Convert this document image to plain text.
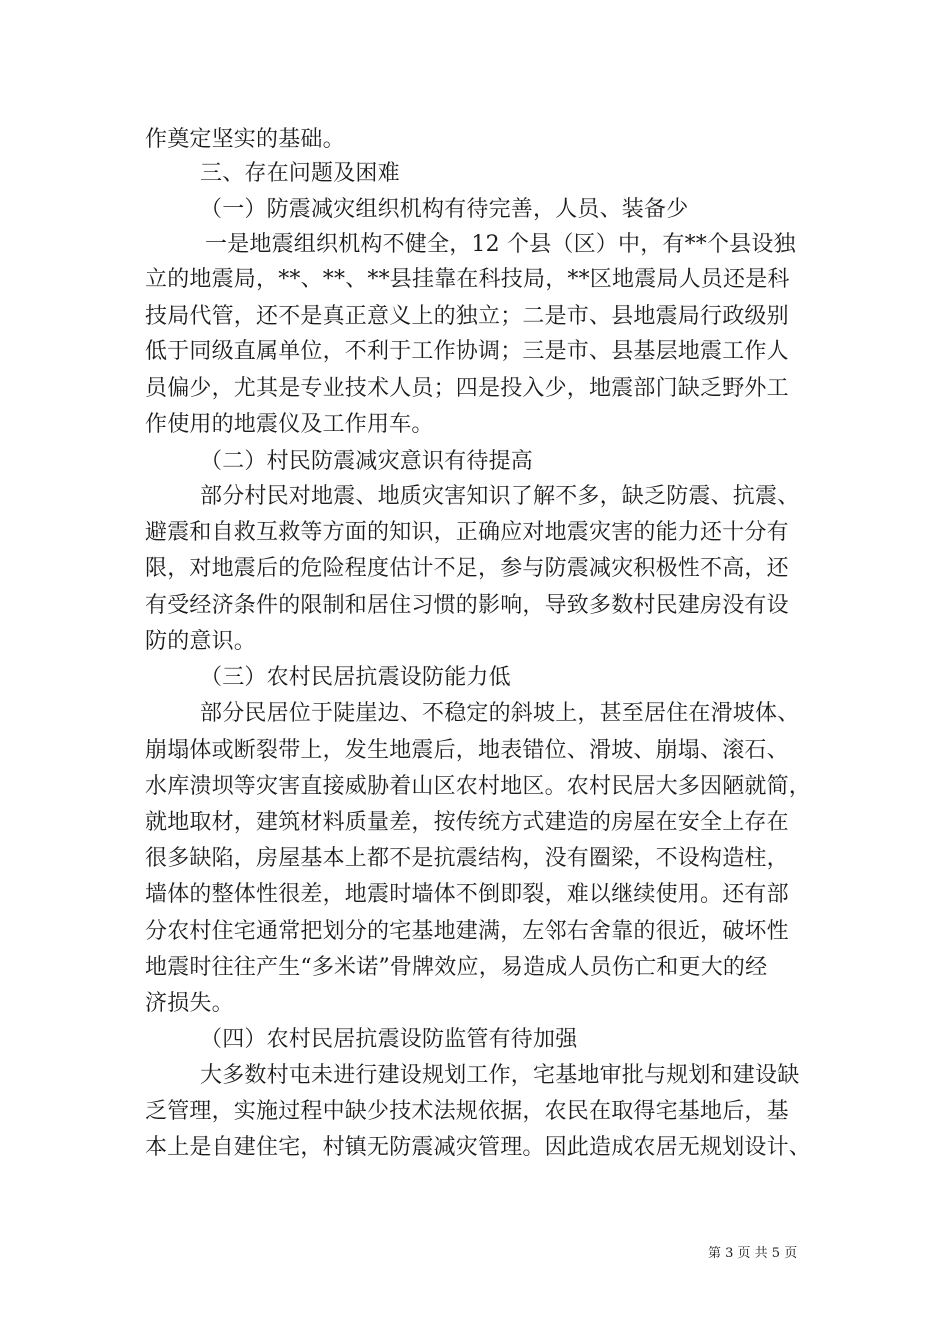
作奠定坚实的基础。
三、存在问题及困难
（一）防震减灾组织机构有待完善，人员、装备少
一是地震组织机构不健全，12 个县（区）中，有**个县设独
立的地震局，**、**、**县挂靠在科技局，**区地震局人员还是科
技局代管，还不是真正意义上的独立；二是市、县地震局行政级别
低于同级直属单位，不利于工作协调；三是市、县基层地震工作人
员偏少，尤其是专业技术人员；四是投入少，地震部门缺乏野外工
作使用的地震仪及工作用车。
（二）村民防震减灾意识有待提高
部分村民对地震、地质灾害知识了解不多，缺乏防震、抗震、
避震和自救互救等方面的知识，正确应对地震灾害的能力还十分有
限，对地震后的危险程度估计不足，参与防震减灾积极性不高，还
有受经济条件的限制和居住习惯的影响，导致多数村民建房没有设
防的意识。
（三）农村民居抗震设防能力低
部分民居位于陡崖边、不稳定的斜坡上，甚至居住在滑坡体、
崩塌体或断裂带上，发生地震后，地表错位、滑坡、崩塌、滚石、
水库溃坝等灾害直接威胁着山区农村地区。农村民居大多因陋就简，
就地取材，建筑材料质量差，按传统方式建造的房屋在安全上存在
很多缺陷，房屋基本上都不是抗震结构，没有圈梁，不设构造柱，
墙体的整体性很差，地震时墙体不倒即裂，难以继续使用。还有部
分农村住宅通常把划分的宅基地建满，左邻右舍靠的很近，破坏性
地震时往往产生“多米诺”骨牌效应，易造成人员伤亡和更大的经
济损失。
（四）农村民居抗震设防监管有待加强
大多数村屯未进行建设规划工作，宅基地审批与规划和建设缺
乏管理，实施过程中缺少技术法规依据，农民在取得宅基地后，基
本上是自建住宅，村镇无防震减灾管理。因此造成农居无规划设计、
第 3 页 共 5 页
